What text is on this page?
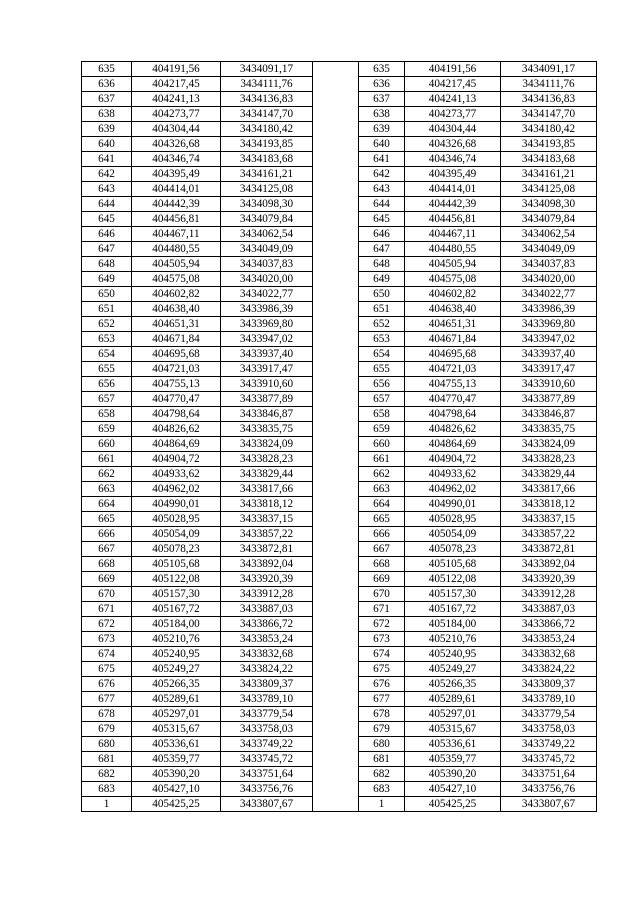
635	404191,56	3434091,17		635	404191,56	3434091,17
636	404217,45	3434111,76		636	404217,45	3434111,76
637	404241,13	3434136,83		637	404241,13	3434136,83
638	404273,77	3434147,70		638	404273,77	3434147,70
639	404304,44	3434180,42		639	404304,44	3434180,42
640	404326,68	3434193,85		640	404326,68	3434193,85
641	404346,74	3434183,68		641	404346,74	3434183,68
642	404395,49	3434161,21		642	404395,49	3434161,21
643	404414,01	3434125,08		643	404414,01	3434125,08
644	404442,39	3434098,30		644	404442,39	3434098,30
645	404456,81	3434079,84		645	404456,81	3434079,84
646	404467,11	3434062,54		646	404467,11	3434062,54
647	404480,55	3434049,09		647	404480,55	3434049,09
648	404505,94	3434037,83		648	404505,94	3434037,83
649	404575,08	3434020,00		649	404575,08	3434020,00
650	404602,82	3434022,77		650	404602,82	3434022,77
651	404638,40	3433986,39		651	404638,40	3433986,39
652	404651,31	3433969,80		652	404651,31	3433969,80
653	404671,84	3433947,02		653	404671,84	3433947,02
654	404695,68	3433937,40		654	404695,68	3433937,40
655	404721,03	3433917,47		655	404721,03	3433917,47
656	404755,13	3433910,60		656	404755,13	3433910,60
657	404770,47	3433877,89		657	404770,47	3433877,89
658	404798,64	3433846,87		658	404798,64	3433846,87
659	404826,62	3433835,75		659	404826,62	3433835,75
660	404864,69	3433824,09		660	404864,69	3433824,09
661	404904,72	3433828,23		661	404904,72	3433828,23
662	404933,62	3433829,44		662	404933,62	3433829,44
663	404962,02	3433817,66		663	404962,02	3433817,66
664	404990,01	3433818,12		664	404990,01	3433818,12
665	405028,95	3433837,15		665	405028,95	3433837,15
666	405054,09	3433857,22		666	405054,09	3433857,22
667	405078,23	3433872,81		667	405078,23	3433872,81
668	405105,68	3433892,04		668	405105,68	3433892,04
669	405122,08	3433920,39		669	405122,08	3433920,39
670	405157,30	3433912,28		670	405157,30	3433912,28
671	405167,72	3433887,03		671	405167,72	3433887,03
672	405184,00	3433866,72		672	405184,00	3433866,72
673	405210,76	3433853,24		673	405210,76	3433853,24
674	405240,95	3433832,68		674	405240,95	3433832,68
675	405249,27	3433824,22		675	405249,27	3433824,22
676	405266,35	3433809,37		676	405266,35	3433809,37
677	405289,61	3433789,10		677	405289,61	3433789,10
678	405297,01	3433779,54		678	405297,01	3433779,54
679	405315,67	3433758,03		679	405315,67	3433758,03
680	405336,61	3433749,22		680	405336,61	3433749,22
681	405359,77	3433745,72		681	405359,77	3433745,72
682	405390,20	3433751,64		682	405390,20	3433751,64
683	405427,10	3433756,76		683	405427,10	3433756,76
1	405425,25	3433807,67		1	405425,25	3433807,67
